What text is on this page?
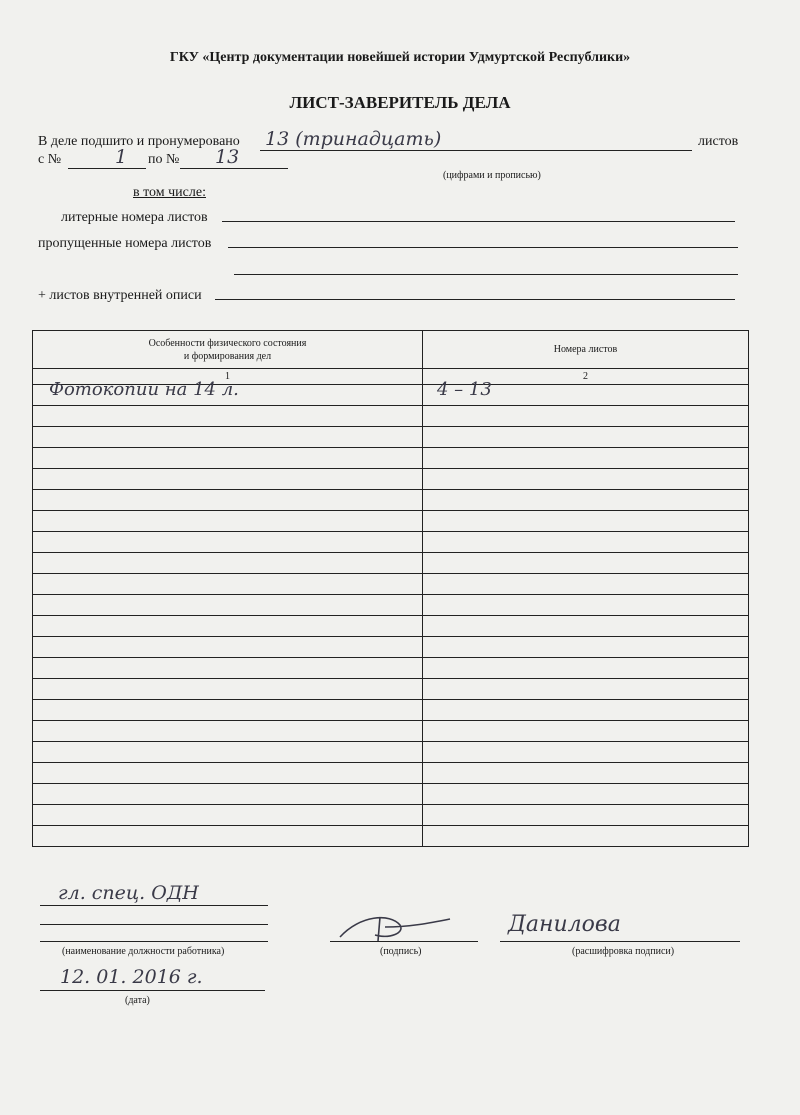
ГКУ «Центр документации новейшей истории Удмуртской Республики»
ЛИСТ-ЗАВЕРИТЕЛЬ ДЕЛА
В деле подшито и пронумеровано 13 (тринадцать)	листов
с №	1 по № 13
(цифрами и прописью)
в том числе:
литерные номера листов
пропущенные номера листов
+ листов внутренней описи
Особенности физического состояния
и формирования дел	Номера листов
1	2

Фотокопии на 14 л.	4 – 13

гл. спец. ОДН
(наименование должности работника)	(подпись)
Данилова
(расшифровка подписи)
12. 01. 2016 г.
(дата)
